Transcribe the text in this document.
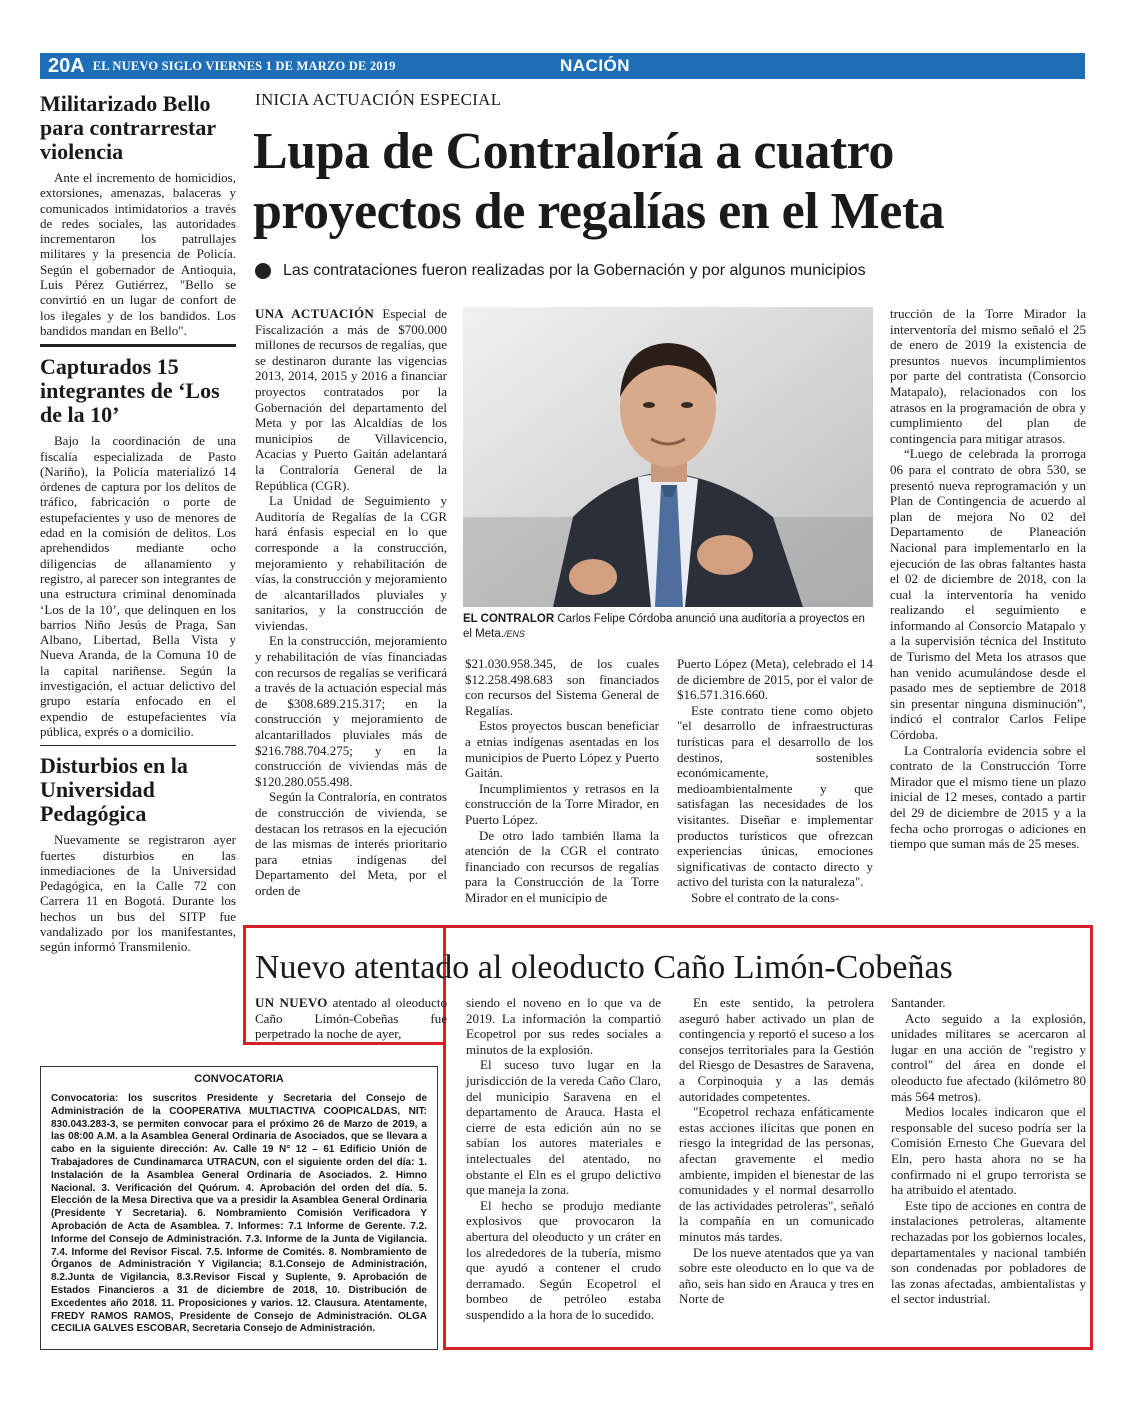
20A EL NUEVO SIGLO VIERNES 1 DE MARZO DE 2019	NACIÓN
Militarizado Bello para contrarrestar violencia

Ante el incremento de homicidios, extorsiones, amenazas, balaceras y comunicados intimidatorios a través de redes sociales, las autoridades incrementaron los patrullajes militares y la presencia de Policía. Según el gobernador de Antioquia, Luis Pérez Gutiérrez, "Bello se convirtió en un lugar de confort de los ilegales y de los bandidos. Los bandidos mandan en Bello".

Capturados 15 integrantes de ‘Los de la 10’

Bajo la coordinación de una fiscalía especializada de Pasto (Nariño), la Policía materializó 14 órdenes de captura por los delitos de tráfico, fabricación o porte de estupefacientes y uso de menores de edad en la comisión de delitos. Los aprehendidos mediante ocho diligencias de allanamiento y registro, al parecer son integrantes de una estructura criminal denominada ‘Los de la 10’, que delinquen en los barrios Niño Jesús de Praga, San Albano, Libertad, Bella Vista y Nueva Aranda, de la Comuna 10 de la capital nariñense. Según la investigación, el actuar delictivo del grupo estaría enfocado en el expendio de estupefacientes vía pública, exprés o a domicilio.

Disturbios en la Universidad Pedagógica

Nuevamente se registraron ayer fuertes disturbios en las inmediaciones de la Universidad Pedagógica, en la Calle 72 con Carrera 11 en Bogotá. Durante los hechos un bus del SITP fue vandalizado por los manifestantes, según informó Transmilenio.

INICIA ACTUACIÓN ESPECIAL
Lupa de Contraloría a cuatro proyectos de regalías en el Meta
Las contrataciones fueron realizadas por la Gobernación y por algunos municipios

UNA ACTUACIÓN Especial de Fiscalización a más de $700.000 millones de recursos de regalías, que se destinaron durante las vigencias 2013, 2014, 2015 y 2016 a financiar proyectos contratados por la Gobernación del departamento del Meta y por las Alcaldías de los municipios de Villavicencio, Acacias y Puerto Gaitán adelantará la Contraloría General de la República (CGR).

La Unidad de Seguimiento y Auditoría de Regalías de la CGR hará énfasis especial en lo que corresponde a la construcción, mejoramiento y rehabilitación de vías, la construcción y mejoramiento de alcantarillados pluviales y sanitarios, y la construcción de viviendas.

En la construcción, mejoramiento y rehabilitación de vías financiadas con recursos de regalías se verificará a través de la actuación especial más de $308.689.215.317; en la construcción y mejoramiento de alcantarillados pluviales más de $216.788.704.275; y en la construcción de viviendas más de $120.280.055.498.

Según la Contraloría, en contratos de construcción de vivienda, se destacan los retrasos en la ejecución de las mismas de interés prioritario para etnias indígenas del Departamento del Meta, por el orden de

EL CONTRALOR Carlos Felipe Córdoba anunció una auditoría a proyectos en el Meta./ENS

$21.030.958.345, de los cuales $12.258.498.683 son financiados con recursos del Sistema General de Regalías.

Estos proyectos buscan beneficiar a etnias indígenas asentadas en los municipios de Puerto López y Puerto Gaitán.

Incumplimientos y retrasos en la construcción de la Torre Mirador, en Puerto López.

De otro lado también llama la atención de la CGR el contrato financiado con recursos de regalías para la Construcción de la Torre Mirador en el municipio de

Puerto López (Meta), celebrado el 14 de diciembre de 2015, por el valor de $16.571.316.660.

Este contrato tiene como objeto "el desarrollo de infraestructuras turísticas para el desarrollo de los destinos, sostenibles económicamente, medioambientalmente y que satisfagan las necesidades de los visitantes. Diseñar e implementar productos turísticos que ofrezcan experiencias únicas, emociones significativas de contacto directo y activo del turista con la naturaleza".

Sobre el contrato de la cons-

trucción de la Torre Mirador la interventoría del mismo señaló el 25 de enero de 2019 la existencia de presuntos nuevos incumplimientos por parte del contratista (Consorcio Matapalo), relacionados con los atrasos en la programación de obra y cumplimiento del plan de contingencia para mitigar atrasos.

“Luego de celebrada la prorroga 06 para el contrato de obra 530, se presentó nueva reprogramación y un Plan de Contingencia de acuerdo al plan de mejora No 02 del Departamento de Planeación Nacional para implementarlo en la ejecución de las obras faltantes hasta el 02 de diciembre de 2018, con la cual la interventoría ha venido realizando el seguimiento e informando al Consorcio Matapalo y a la supervisión técnica del Instituto de Turismo del Meta los atrasos que han venido acumulándose desde el pasado mes de septiembre de 2018 sin presentar ninguna disminución”, indicó el contralor Carlos Felipe Córdoba.

La Contraloría evidencia sobre el contrato de la Construcción Torre Mirador que el mismo tiene un plazo inicial de 12 meses, contado a partir del 29 de diciembre de 2015 y a la fecha ocho prorrogas o adiciones en tiempo que suman más de 25 meses.

Nuevo atentado al oleoducto Caño Limón-Cobeñas

UN NUEVO atentado al oleoducto Caño Limón-Cobeñas fue perpetrado la noche de ayer,

siendo el noveno en lo que va de 2019. La información la compartió Ecopetrol por sus redes sociales a minutos de la explosión.

El suceso tuvo lugar en la jurisdicción de la vereda Caño Claro, del municipio Saravena en el departamento de Arauca. Hasta el cierre de esta edición aún no se sabían los autores materiales e intelectuales del atentado, no obstante el Eln es el grupo delictivo que maneja la zona.

El hecho se produjo mediante explosivos que provocaron la abertura del oleoducto y un cráter en los alrededores de la tubería, mismo que ayudó a contener el crudo derramado. Según Ecopetrol el bombeo de petróleo estaba suspendido a la hora de lo sucedido.

En este sentido, la petrolera aseguró haber activado un plan de contingencia y reportó el suceso a los consejos territoriales para la Gestión del Riesgo de Desastres de Saravena, a Corpinoquia y a las demás autoridades competentes.

"Ecopetrol rechaza enfáticamente estas acciones ilícitas que ponen en riesgo la integridad de las personas, afectan gravemente el medio ambiente, impiden el bienestar de las comunidades y el normal desarrollo de las actividades petroleras", señaló la compañía en un comunicado minutos más tardes.

De los nueve atentados que ya van sobre este oleoducto en lo que va de año, seis han sido en Arauca y tres en Norte de

Santander.

Acto seguido a la explosión, unidades militares se acercaron al lugar en una acción de "registro y control" del área en donde el oleoducto fue afectado (kilómetro 80 más 564 metros).

Medios locales indicaron que el responsable del suceso podría ser la Comisión Ernesto Che Guevara del Eln, pero hasta ahora no se ha confirmado ni el grupo terrorista se ha atribuido el atentado.

Este tipo de acciones en contra de instalaciones petroleras, altamente rechazadas por los gobiernos locales, departamentales y nacional también son condenadas por pobladores de las zonas afectadas, ambientalistas y el sector industrial.

CONVOCATORIA
Convocatoria: los suscritos Presidente y Secretaria del Consejo de Administración de la COOPERATIVA MULTIACTIVA COOPICALDAS, NIT: 830.043.283-3, se permiten convocar para el próximo 26 de Marzo de 2019, a las 08:00 A.M. a la Asamblea General Ordinaria de Asociados, que se llevara a cabo en la siguiente dirección: Av. Calle 19 N° 12 – 61 Edificio Unión de Trabajadores de Cundinamarca UTRACUN, con el siguiente orden del día: 1. Instalación de la Asamblea General Ordinaria de Asociados. 2. Himno Nacional. 3. Verificación del Quórum. 4. Aprobación del orden del día. 5. Elección de la Mesa Directiva que va a presidir la Asamblea General Ordinaria (Presidente Y Secretaria). 6. Nombramiento Comisión Verificadora Y Aprobación de Acta de Asamblea. 7. Informes: 7.1 Informe de Gerente. 7.2. Informe del Consejo de Administración. 7.3. Informe de la Junta de Vigilancia. 7.4. Informe del Revisor Fiscal. 7.5. Informe de Comités. 8. Nombramiento de Órganos de Administración Y Vigilancia; 8.1.Consejo de Administración, 8.2.Junta de Vigilancia, 8.3.Revisor Fiscal y Suplente, 9. Aprobación de Estados Financieros a 31 de diciembre de 2018, 10. Distribución de Excedentes año 2018. 11. Proposiciones y varios. 12. Clausura. Atentamente, FREDY RAMOS RAMOS, Presidente de Consejo de Administración. OLGA CECILIA GALVES ESCOBAR, Secretaria Consejo de Administración.
